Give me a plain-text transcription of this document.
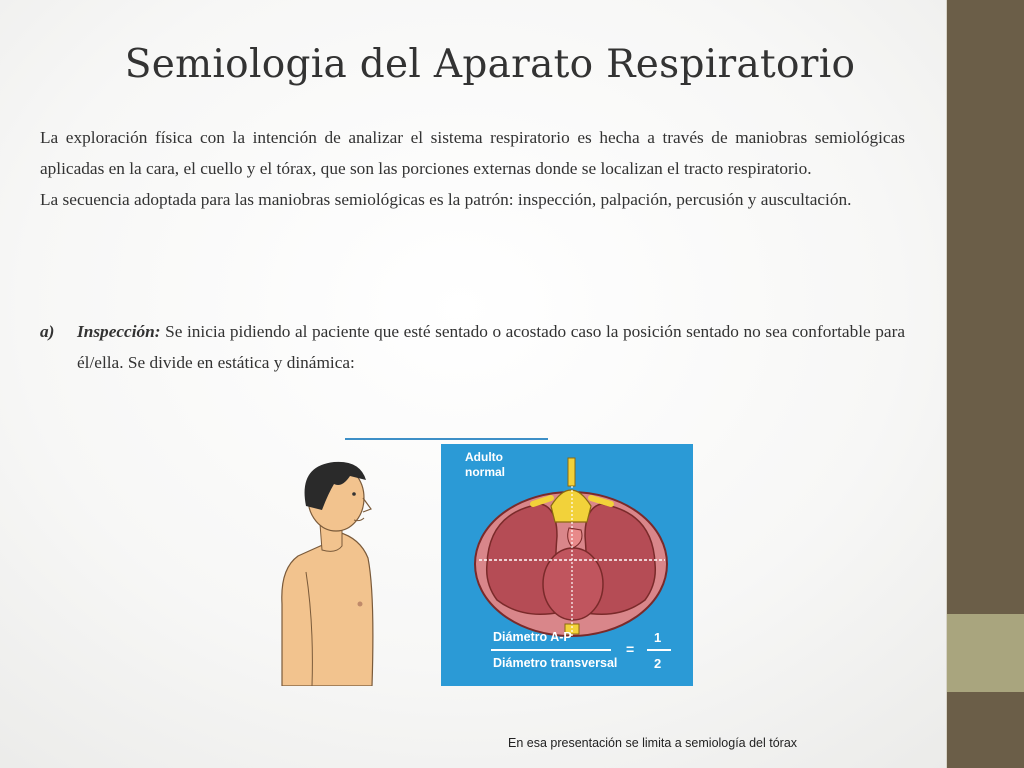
Semiologia del Aparato Respiratorio

La exploración física con la intención de analizar el sistema respiratorio es hecha a través de maniobras semiológicas aplicadas en la cara, el cuello y el tórax, que son las porciones externas donde se localizan el tracto respiratorio.

La secuencia adoptada para las maniobras semiológicas es la patrón: inspección, palpación, percusión y auscultación.

a) Inspección: Se inicia pidiendo al paciente que esté sentado o acostado caso la posición sentado no sea confortable para él/ella. Se divide en estática y dinámica:
Adulto normal
Diámetro A-P
Diámetro transversal
=
1
2
En esa presentación se limita a semiología del tórax
